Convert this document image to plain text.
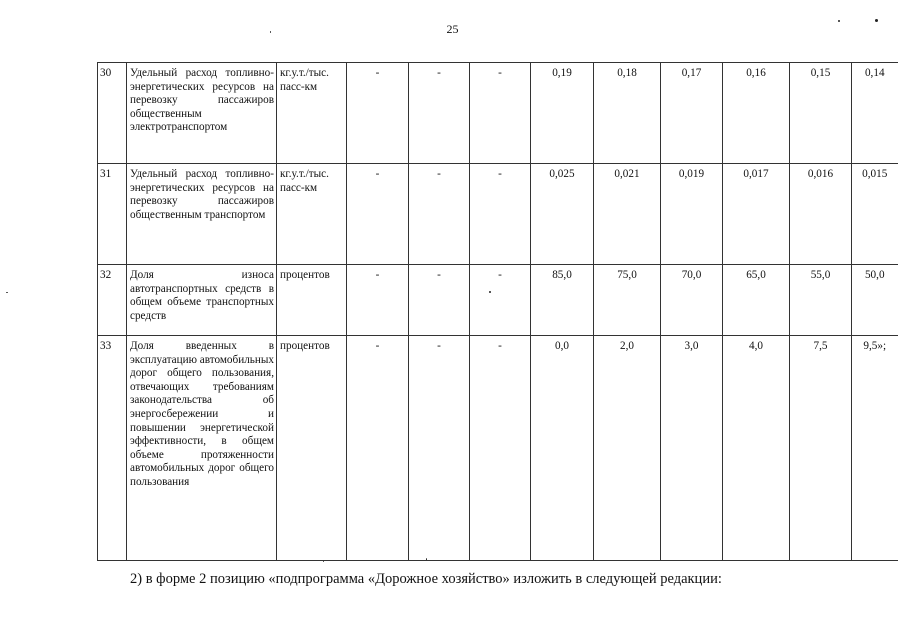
25
30	Удельный расход топливно-энергетических ресурсов на перевозку пассажиров общественным электротранспортом	кг.у.т./тыс. пасс-км	-	-	-	0,19	0,18	0,17	0,16	0,15	0,14
31	Удельный расход топливно-энергетических ресурсов на перевозку пассажиров общественным транспортом	кг.у.т./тыс. пасс-км	-	-	-	0,025	0,021	0,019	0,017	0,016	0,015
32	Доля износа автотранспортных средств в общем объеме транспортных средств	процентов	-	-	-	85,0	75,0	70,0	65,0	55,0	50,0
33	Доля введенных в эксплуатацию автомобильных дорог общего пользования, отвечающих требованиям законодательства об энергосбережении и повышении энергетической эффективности, в общем объеме протяженности автомобильных дорог общего пользования	процентов	-	-	-	0,0	2,0	3,0	4,0	7,5	9,5»;
2) в форме 2 позицию «подпрограмма «Дорожное хозяйство» изложить в следующей редакции:
